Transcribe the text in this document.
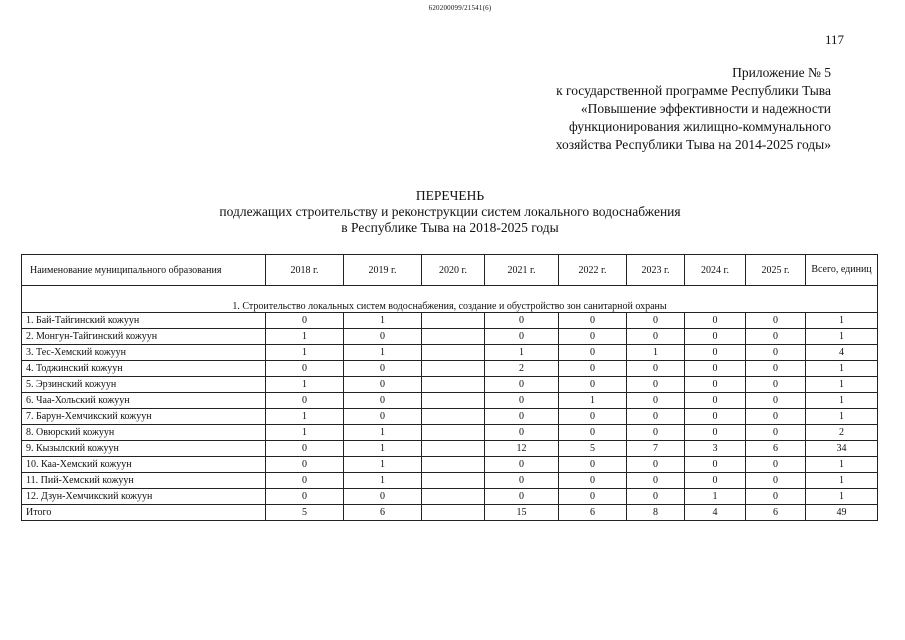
620200099/21541(6)
117
Приложение № 5
к государственной программе Республики Тыва
«Повышение эффективности и надежности
функционирования жилищно-коммунального
хозяйства Республики Тыва на 2014-2025 годы»
ПЕРЕЧЕНЬ
подлежащих строительству и реконструкции систем локального водоснабжения
в Республике Тыва на 2018-2025 годы
Наименование муниципального образования	2018 г.	2019 г.	2020 г.	2021 г.	2022 г.	2023 г.	2024 г.	2025 г.	Всего, единиц
1. Строительство локальных систем водоснабжения, создание и обустройство зон санитарной охраны									
1. Бай-Тайгинский кожуун	0	1		0	0	0	0	0	1
2. Монгун-Тайгинский кожуун	1	0		0	0	0	0	0	1
3. Тес-Хемский кожуун	1	1		1	0	1	0	0	4
4. Тоджинский кожуун	0	0		2	0	0	0	0	1
5. Эрзинский кожуун	1	0		0	0	0	0	0	1
6. Чаа-Хольский кожуун	0	0		0	1	0	0	0	1
7. Барун-Хемчикский кожуун	1	0		0	0	0	0	0	1
8. Овюрский кожуун	1	1		0	0	0	0	0	2
9. Кызылский кожуун	0	1		12	5	7	3	6	34
10. Каа-Хемский кожуун	0	1		0	0	0	0	0	1
11. Пий-Хемский кожуун	0	1		0	0	0	0	0	1
12. Дзун-Хемчикский кожуун	0	0		0	0	0	1	0	1
Итого	5	6		15	6	8	4	6	49
